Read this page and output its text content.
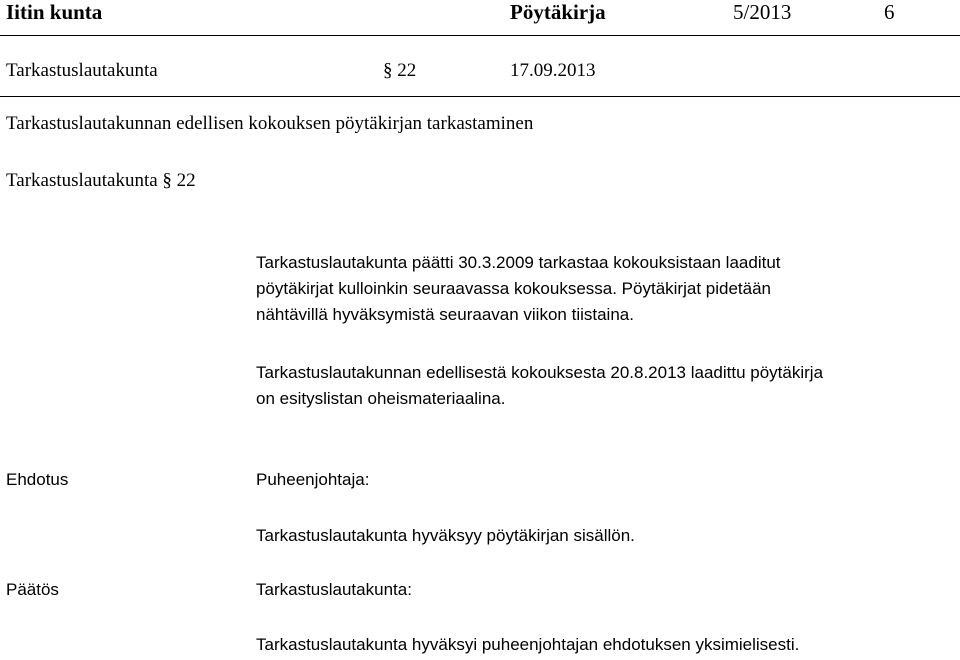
Iitin kunta	Pöytäkirja	5/2013	6
Tarkastuslautakunta	§ 22	17.09.2013
Tarkastuslautakunnan edellisen kokouksen pöytäkirjan tarkastaminen
Tarkastuslautakunta § 22
Tarkastuslautakunta päätti 30.3.2009 tarkastaa kokouksistaan laaditut
pöytäkirjat kulloinkin seuraavassa kokouksessa. Pöytäkirjat pidetään
nähtävillä hyväksymistä seuraavan viikon tiistaina.
Tarkastuslautakunnan edellisestä kokouksesta 20.8.2013 laadittu pöytäkirja
on esityslistan oheismateriaalina.
Ehdotus	Puheenjohtaja:
Tarkastuslautakunta hyväksyy pöytäkirjan sisällön.
Päätös	Tarkastuslautakunta:
Tarkastuslautakunta hyväksyi puheenjohtajan ehdotuksen yksimielisesti.
